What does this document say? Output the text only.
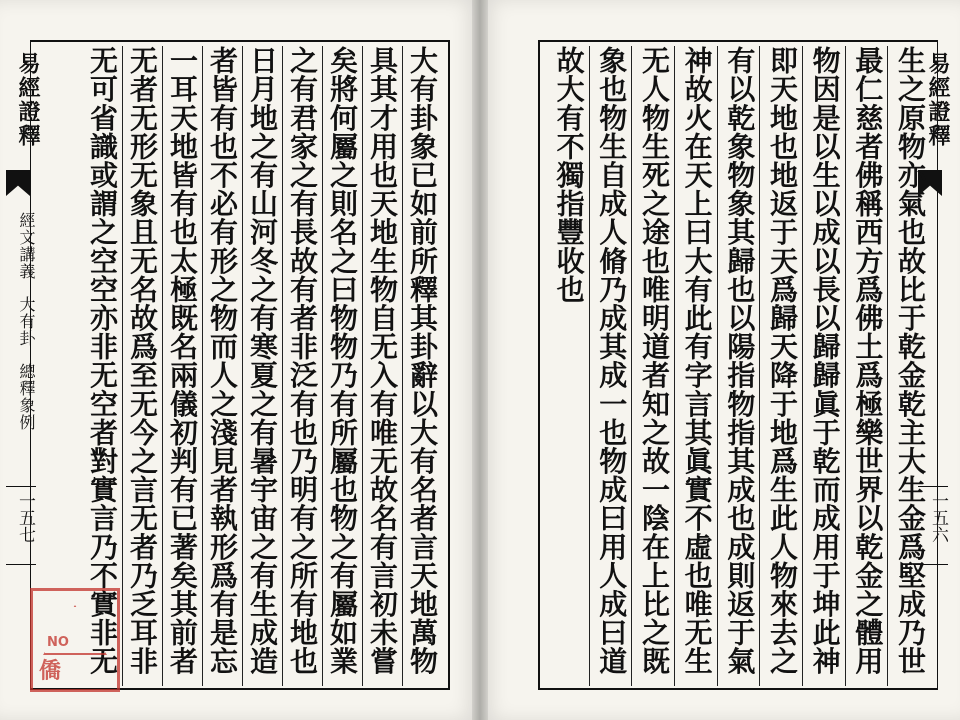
易經證釋
經文講義大有卦總釋象例
一五七
大有卦象已如前所釋其卦辭以大有名者言天地萬物
具其才用也天地生物自无入有唯无故名有言初未嘗
矣將何屬之則名之曰物物乃有所屬也物之有屬如業
之有君家之有長故有者非泛有也乃明有之所有地也
日月地之有山河冬之有寒夏之有暑宇宙之有生成造
者皆有也不必有形之物而人之淺見者執形爲有是忘
一耳天地皆有也太極既名兩儀初判有已著矣其前者
无者无形无象且无名故爲至无今之言无者乃乏耳非
无可省識或謂之空空亦非无空者對實言乃不實非无
NO
僑
易經證釋
一五六
生之原物亦氣也故比于乾金乾主大生金爲堅成乃世
最仁慈者佛稱西方爲佛土爲極樂世界以乾金之體用
物因是以生以成以長以歸歸眞于乾而成用于坤此神
即天地也地返于天爲歸天降于地爲生此人物來去之
有以乾象物象其歸也以陽指物指其成也成則返于氣
神故火在天上曰大有此有字言其眞實不虛也唯无生
无人物生死之途也唯明道者知之故一陰在上比之既
象也物生自成人脩乃成其成一也物成曰用人成曰道
故大有不獨指豐收也
